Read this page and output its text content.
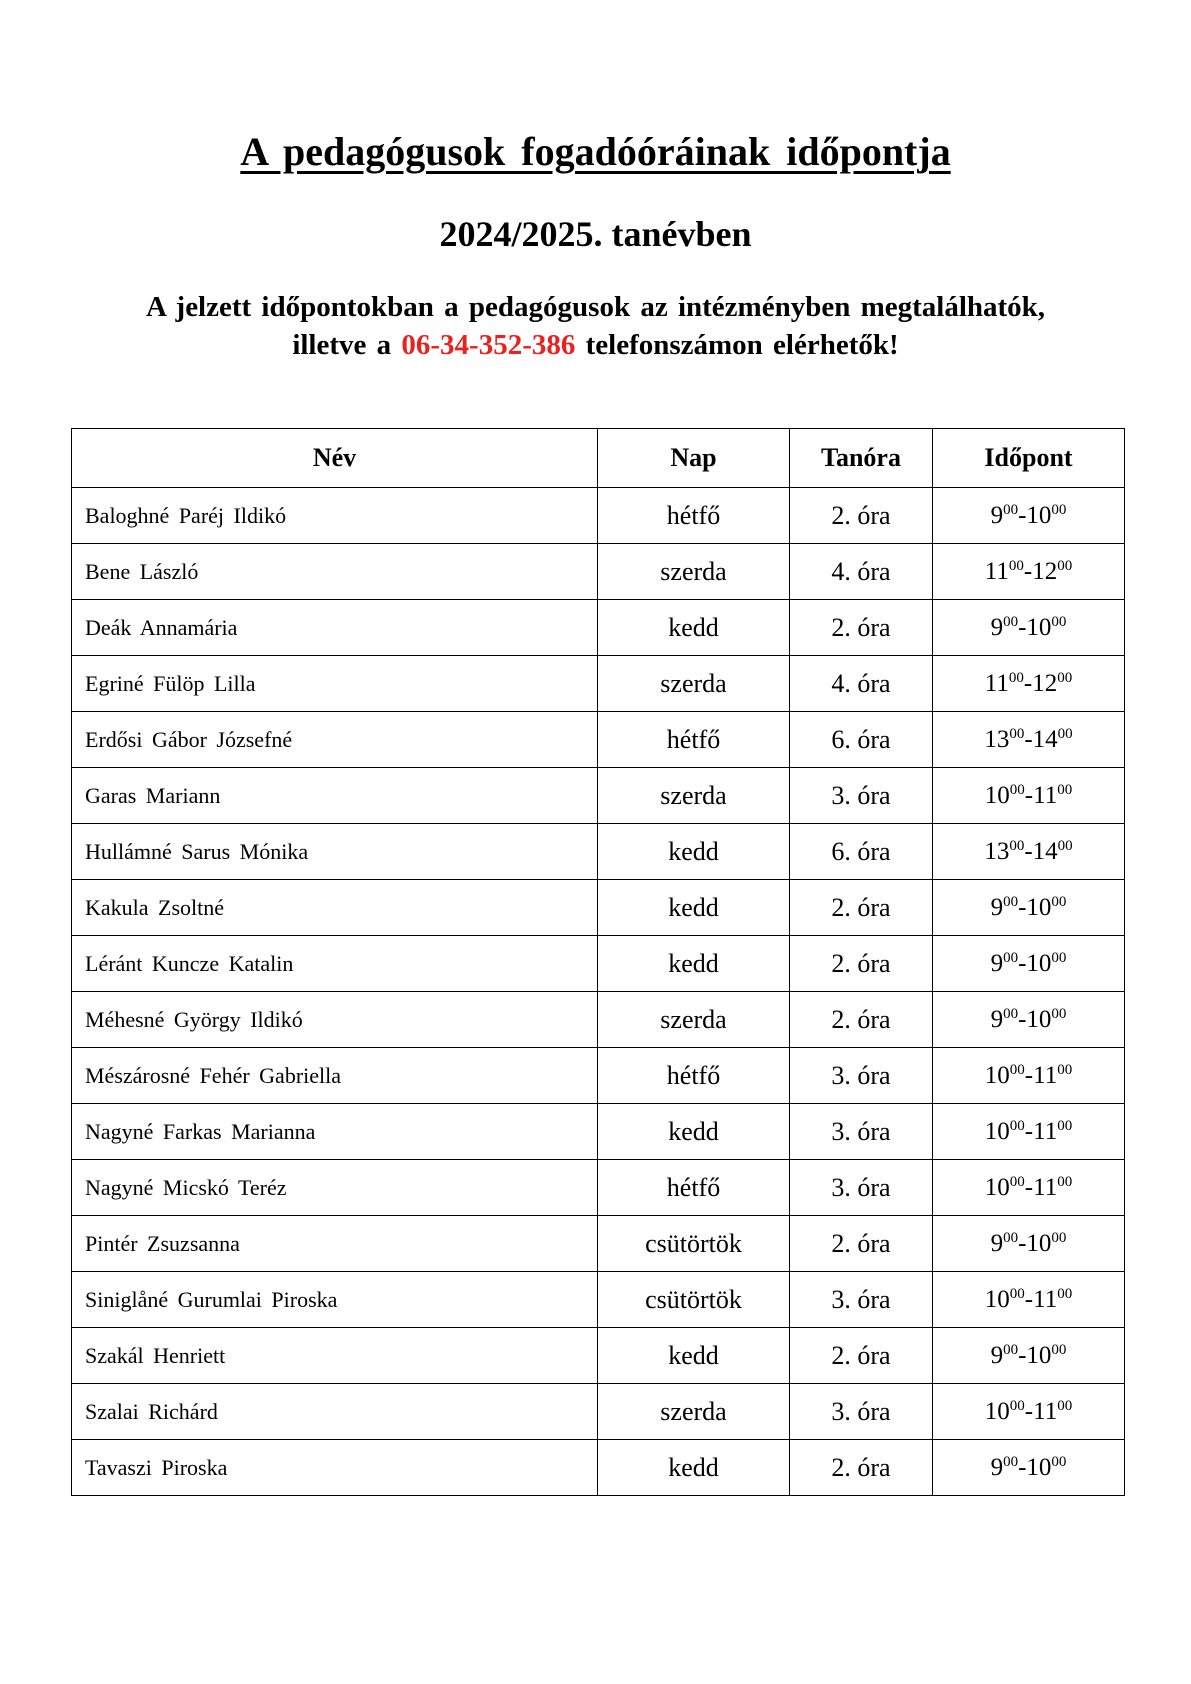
A pedagógusok fogadóóráinak időpontja
2024/2025. tanévben
A jelzett időpontokban a pedagógusok az intézményben megtalálhatók,
illetve a 06-34-352-386 telefonszámon elérhetők!
Név	Nap	Tanóra	Időpont
Baloghné Paréj Ildikó	hétfő	2. óra	$9^{00}-10^{00}$
Bene László	szerda	4. óra	$11^{00}-12^{00}$
Deák Annamária	kedd	2. óra	$9^{00}-10^{00}$
Egriné Fülöp Lilla	szerda	4. óra	$11^{00}-12^{00}$
Erdősi Gábor Józsefné	hétfő	6. óra	$13^{00}-14^{00}$
Garas Mariann	szerda	3. óra	$10^{00}-11^{00}$
Hullámné Sarus Mónika	kedd	6. óra	$13^{00}-14^{00}$
Kakula Zsoltné	kedd	2. óra	$9^{00}-10^{00}$
Léránt Kuncze Katalin	kedd	2. óra	$9^{00}-10^{00}$
Méhesné György Ildikó	szerda	2. óra	$9^{00}-10^{00}$
Mészárosné Fehér Gabriella	hétfő	3. óra	$10^{00}-11^{00}$
Nagyné Farkas Marianna	kedd	3. óra	$10^{00}-11^{00}$
Nagyné Micskó Teréz	hétfő	3. óra	$10^{00}-11^{00}$
Pintér Zsuzsanna	csütörtök	2. óra	$9^{00}-10^{00}$
Siniglåné Gurumlai Piroska	csütörtök	3. óra	$10^{00}-11^{00}$
Szakál Henriett	kedd	2. óra	$9^{00}-10^{00}$
Szalai Richárd	szerda	3. óra	$10^{00}-11^{00}$
Tavaszi Piroska	kedd	2. óra	$9^{00}-10^{00}$
